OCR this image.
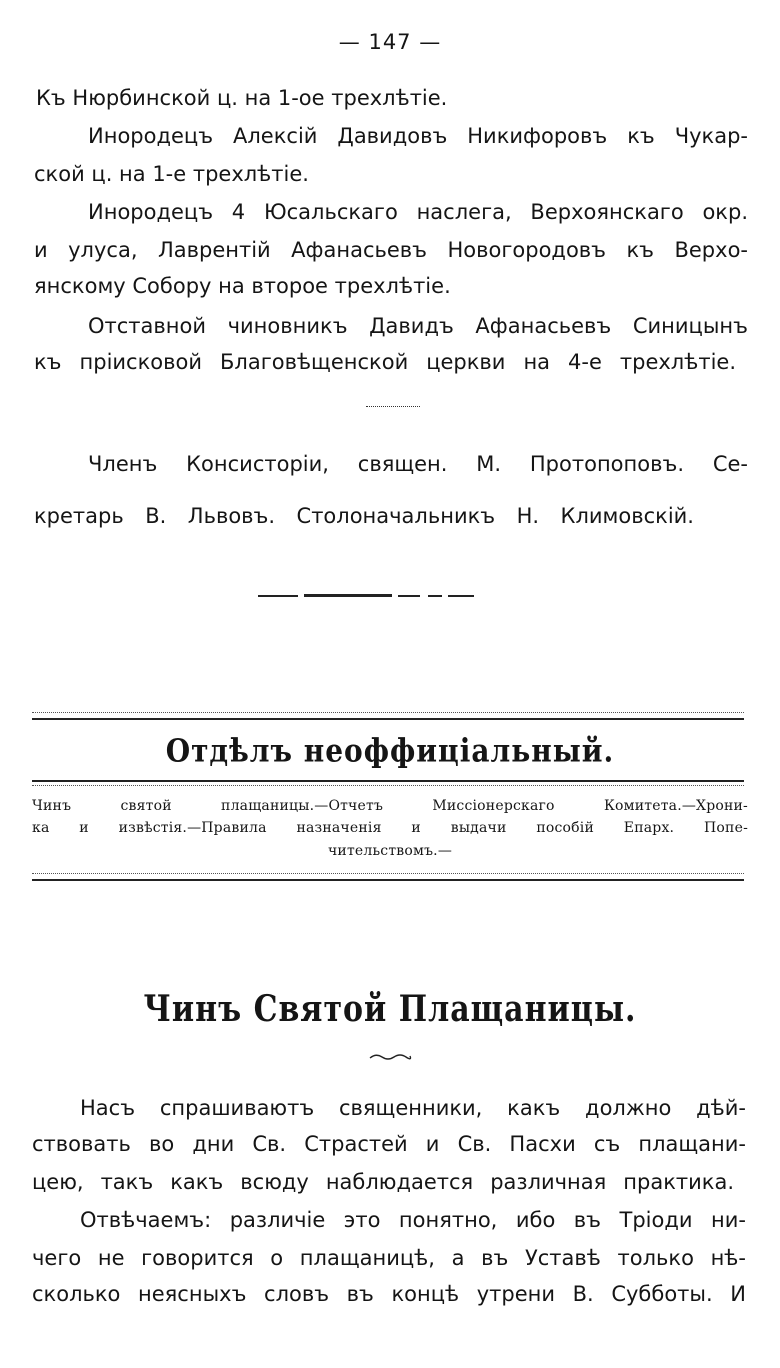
— 147 —
Къ Нюрбинской ц. на 1-ое трехлѣтіе.
Инородецъ Алексій Давидовъ Никифоровъ къ Чукар-
ской ц. на 1-е трехлѣтіе.
Инородецъ 4 Юсальскаго наслега, Верхоянскаго окр.
и улуса, Лаврентій Афанасьевъ Новогородовъ къ Верхо-
янскому Собору на второе трехлѣтіе.
Отставной чиновникъ Давидъ Афанасьевъ Синицынъ
къ пріисковой Благовѣщенской церкви на 4-е трехлѣтіе.
Членъ Консисторіи, священ. М. Протопоповъ. Се-
кретарь В. Львовъ. Столоначальникъ Н. Климовскій.
Отдѣлъ неоффиціальный.
Чинъ святой плащаницы.—Отчетъ Миссіонерскаго Комитета.—Хрони-
ка и извѣстія.—Правила назначенія и выдачи пособій Епарх. Попе-
чительствомъ.—
Чинъ Святой Плащаницы.
Насъ спрашиваютъ священники, какъ должно дѣй-
ствовать во дни Св. Страстей и Св. Пасхи съ плащани-
цею, такъ какъ всюду наблюдается различная практика.
Отвѣчаемъ: различіе это понятно, ибо въ Тріоди ни-
чего не говорится о плащаницѣ, а въ Уставѣ только нѣ-
сколько неясныхъ словъ въ концѣ утрени В. Субботы. И
